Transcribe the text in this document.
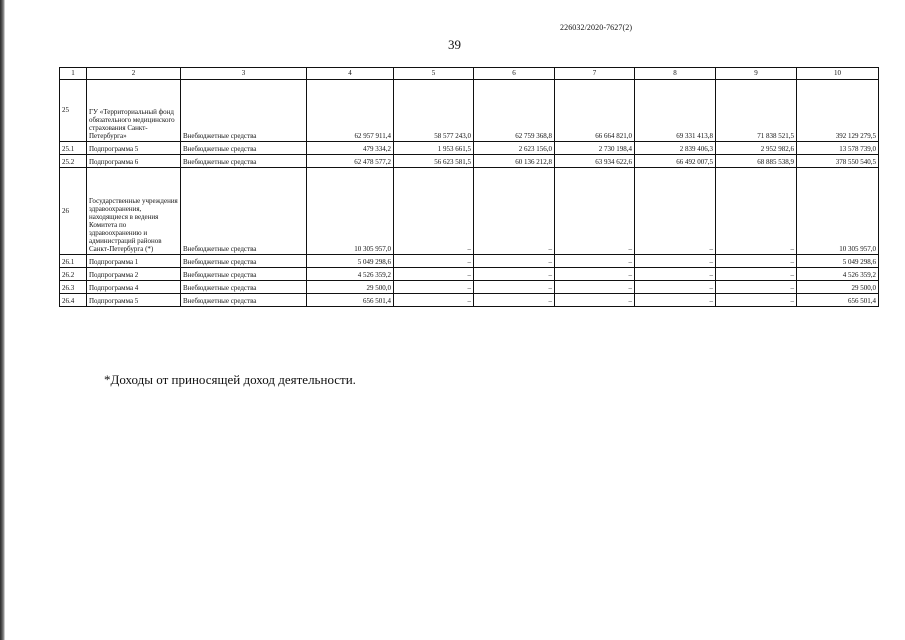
226032/2020-7627(2)
39
1	2	3	4	5	6	7	8	9	10
25	ГУ «Территориальный фонд обязательного медицинского страхования Санкт-Петербурга»	Внебюджетные средства	62 957 911,4	58 577 243,0	62 759 368,8	66 664 821,0	69 331 413,8	71 838 521,5	392 129 279,5
25.1	Подпрограмма 5	Внебюджетные средства	479 334,2	1 953 661,5	2 623 156,0	2 730 198,4	2 839 406,3	2 952 982,6	13 578 739,0
25.2	Подпрограмма 6	Внебюджетные средства	62 478 577,2	56 623 581,5	60 136 212,8	63 934 622,6	66 492 007,5	68 885 538,9	378 550 540,5
26	Государственные учреждения здравоохранения, находящиеся в ведения Комитета по здравоохранению и администраций районов Санкт-Петербурга (*)	Внебюджетные средства	10 305 957,0	–	–	–	–	–	10 305 957,0
26.1	Подпрограмма 1	Внебюджетные средства	5 049 298,6	–	–	–	–	–	5 049 298,6
26.2	Подпрограмма 2	Внебюджетные средства	4 526 359,2	–	–	–	–	–	4 526 359,2
26.3	Подпрограмма 4	Внебюджетные средства	29 500,0	–	–	–	–	–	29 500,0
26.4	Подпрограмма 5	Внебюджетные средства	656 501,4	–	–	–	–	–	656 501,4
*Доходы от приносящей доход деятельности.
